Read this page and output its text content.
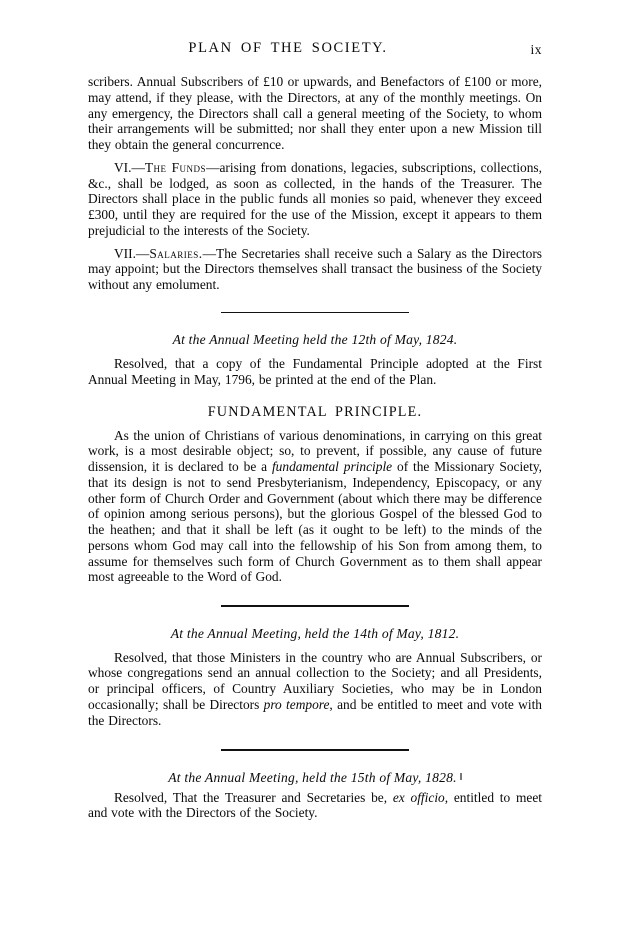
PLAN OF THE SOCIETY.	ix

scribers. Annual Subscribers of £10 or upwards, and Benefactors of £100 or more, may attend, if they please, with the Directors, at any of the monthly meetings. On any emergency, the Directors shall call a general meeting of the Society, to whom their arrangements will be submitted; nor shall they enter upon a new Mission till they obtain the general concurrence.

VI.—The Funds—arising from donations, legacies, subscriptions, collections, &c., shall be lodged, as soon as collected, in the hands of the Treasurer. The Directors shall place in the public funds all monies so paid, whenever they exceed £300, until they are required for the use of the Mission, except it appears to them prejudicial to the interests of the Society.

VII.—Salaries.—The Secretaries shall receive such a Salary as the Directors may appoint; but the Directors themselves shall transact the business of the Society without any emolument.

At the Annual Meeting held the 12th of May, 1824.

Resolved, that a copy of the Fundamental Principle adopted at the First Annual Meeting in May, 1796, be printed at the end of the Plan.

FUNDAMENTAL PRINCIPLE.

As the union of Christians of various denominations, in carrying on this great work, is a most desirable object; so, to prevent, if possible, any cause of future dissension, it is declared to be a fundamental principle of the Missionary Society, that its design is not to send Presbyterianism, Independency, Episcopacy, or any other form of Church Order and Government (about which there may be difference of opinion among serious persons), but the glorious Gospel of the blessed God to the heathen; and that it shall be left (as it ought to be left) to the minds of the persons whom God may call into the fellowship of his Son from among them, to assume for themselves such form of Church Government as to them shall appear most agreeable to the Word of God.

At the Annual Meeting, held the 14th of May, 1812.

Resolved, that those Ministers in the country who are Annual Subscribers, or whose congregations send an annual collection to the Society; and all Presidents, or principal officers, of Country Auxiliary Societies, who may be in London occasionally; shall be Directors pro tempore, and be entitled to meet and vote with the Directors.

At the Annual Meeting, held the 15th of May, 1828.

Resolved, That the Treasurer and Secretaries be, ex officio, entitled to meet and vote with the Directors of the Society.
